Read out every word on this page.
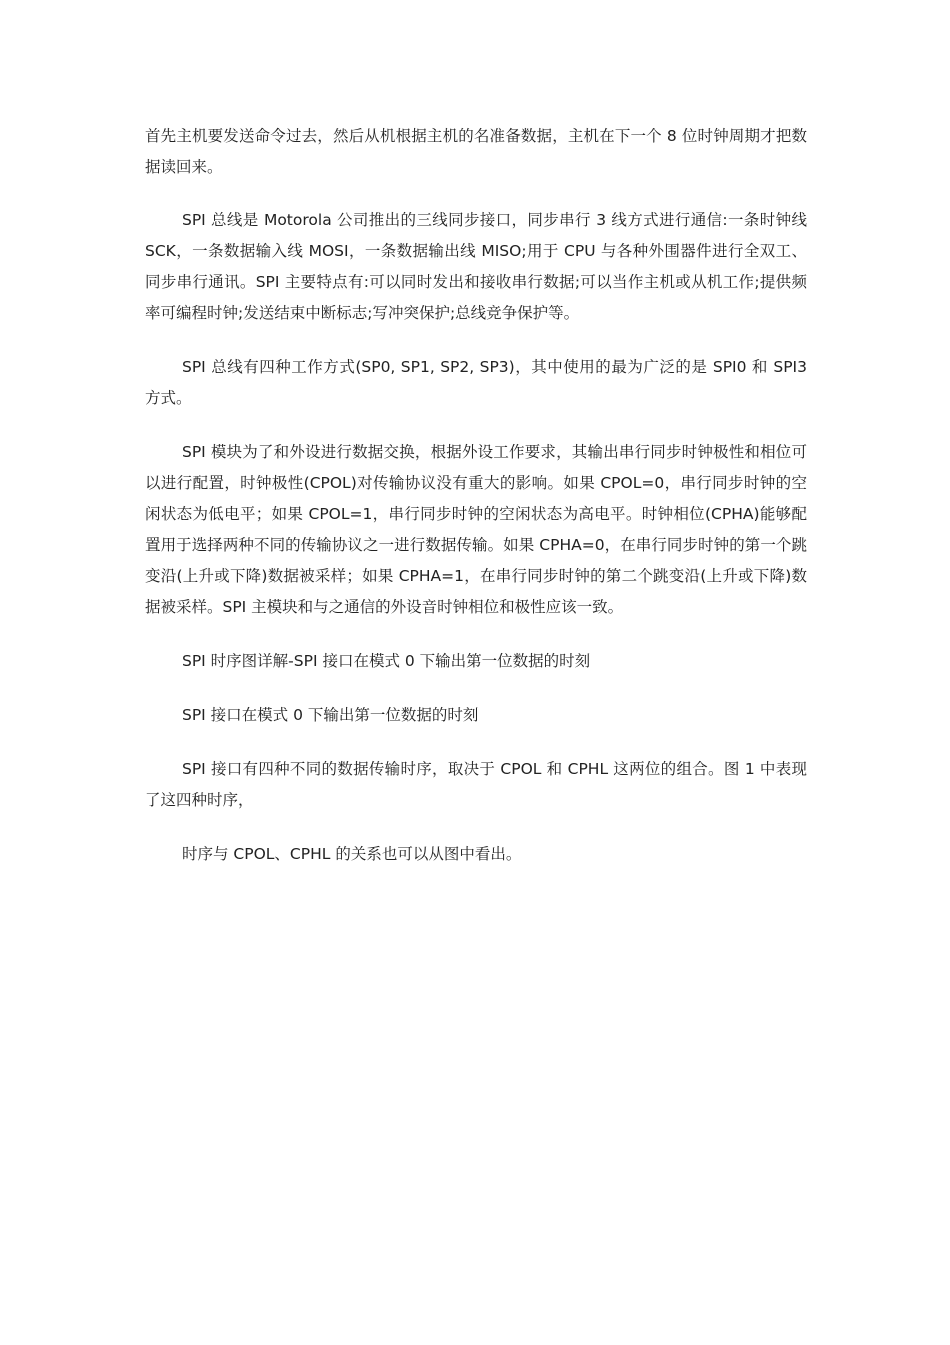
首先主机要发送命令过去，然后从机根据主机的名准备数据，主机在下一个 8 位时钟周期才把数据读回来。

SPI 总线是 Motorola 公司推出的三线同步接口，同步串行 3 线方式进行通信:一条时钟线 SCK，一条数据输入线 MOSI，一条数据输出线 MISO;用于 CPU 与各种外围器件进行全双工、同步串行通讯。SPI 主要特点有:可以同时发出和接收串行数据;可以当作主机或从机工作;提供频率可编程时钟;发送结束中断标志;写冲突保护;总线竞争保护等。

SPI 总线有四种工作方式(SP0, SP1, SP2, SP3)，其中使用的最为广泛的是 SPI0 和 SPI3 方式。

SPI 模块为了和外设进行数据交换，根据外设工作要求，其输出串行同步时钟极性和相位可以进行配置，时钟极性(CPOL)对传输协议没有重大的影响。如果 CPOL=0，串行同步时钟的空闲状态为低电平；如果 CPOL=1，串行同步时钟的空闲状态为高电平。时钟相位(CPHA)能够配置用于选择两种不同的传输协议之一进行数据传输。如果 CPHA=0，在串行同步时钟的第一个跳变沿(上升或下降)数据被采样；如果 CPHA=1，在串行同步时钟的第二个跳变沿(上升或下降)数据被采样。SPI 主模块和与之通信的外设音时钟相位和极性应该一致。

SPI 时序图详解-SPI 接口在模式 0 下输出第一位数据的时刻

SPI 接口在模式 0 下输出第一位数据的时刻

SPI 接口有四种不同的数据传输时序，取决于 CPOL 和 CPHL 这两位的组合。图 1 中表现了这四种时序，

时序与 CPOL、CPHL 的关系也可以从图中看出。
